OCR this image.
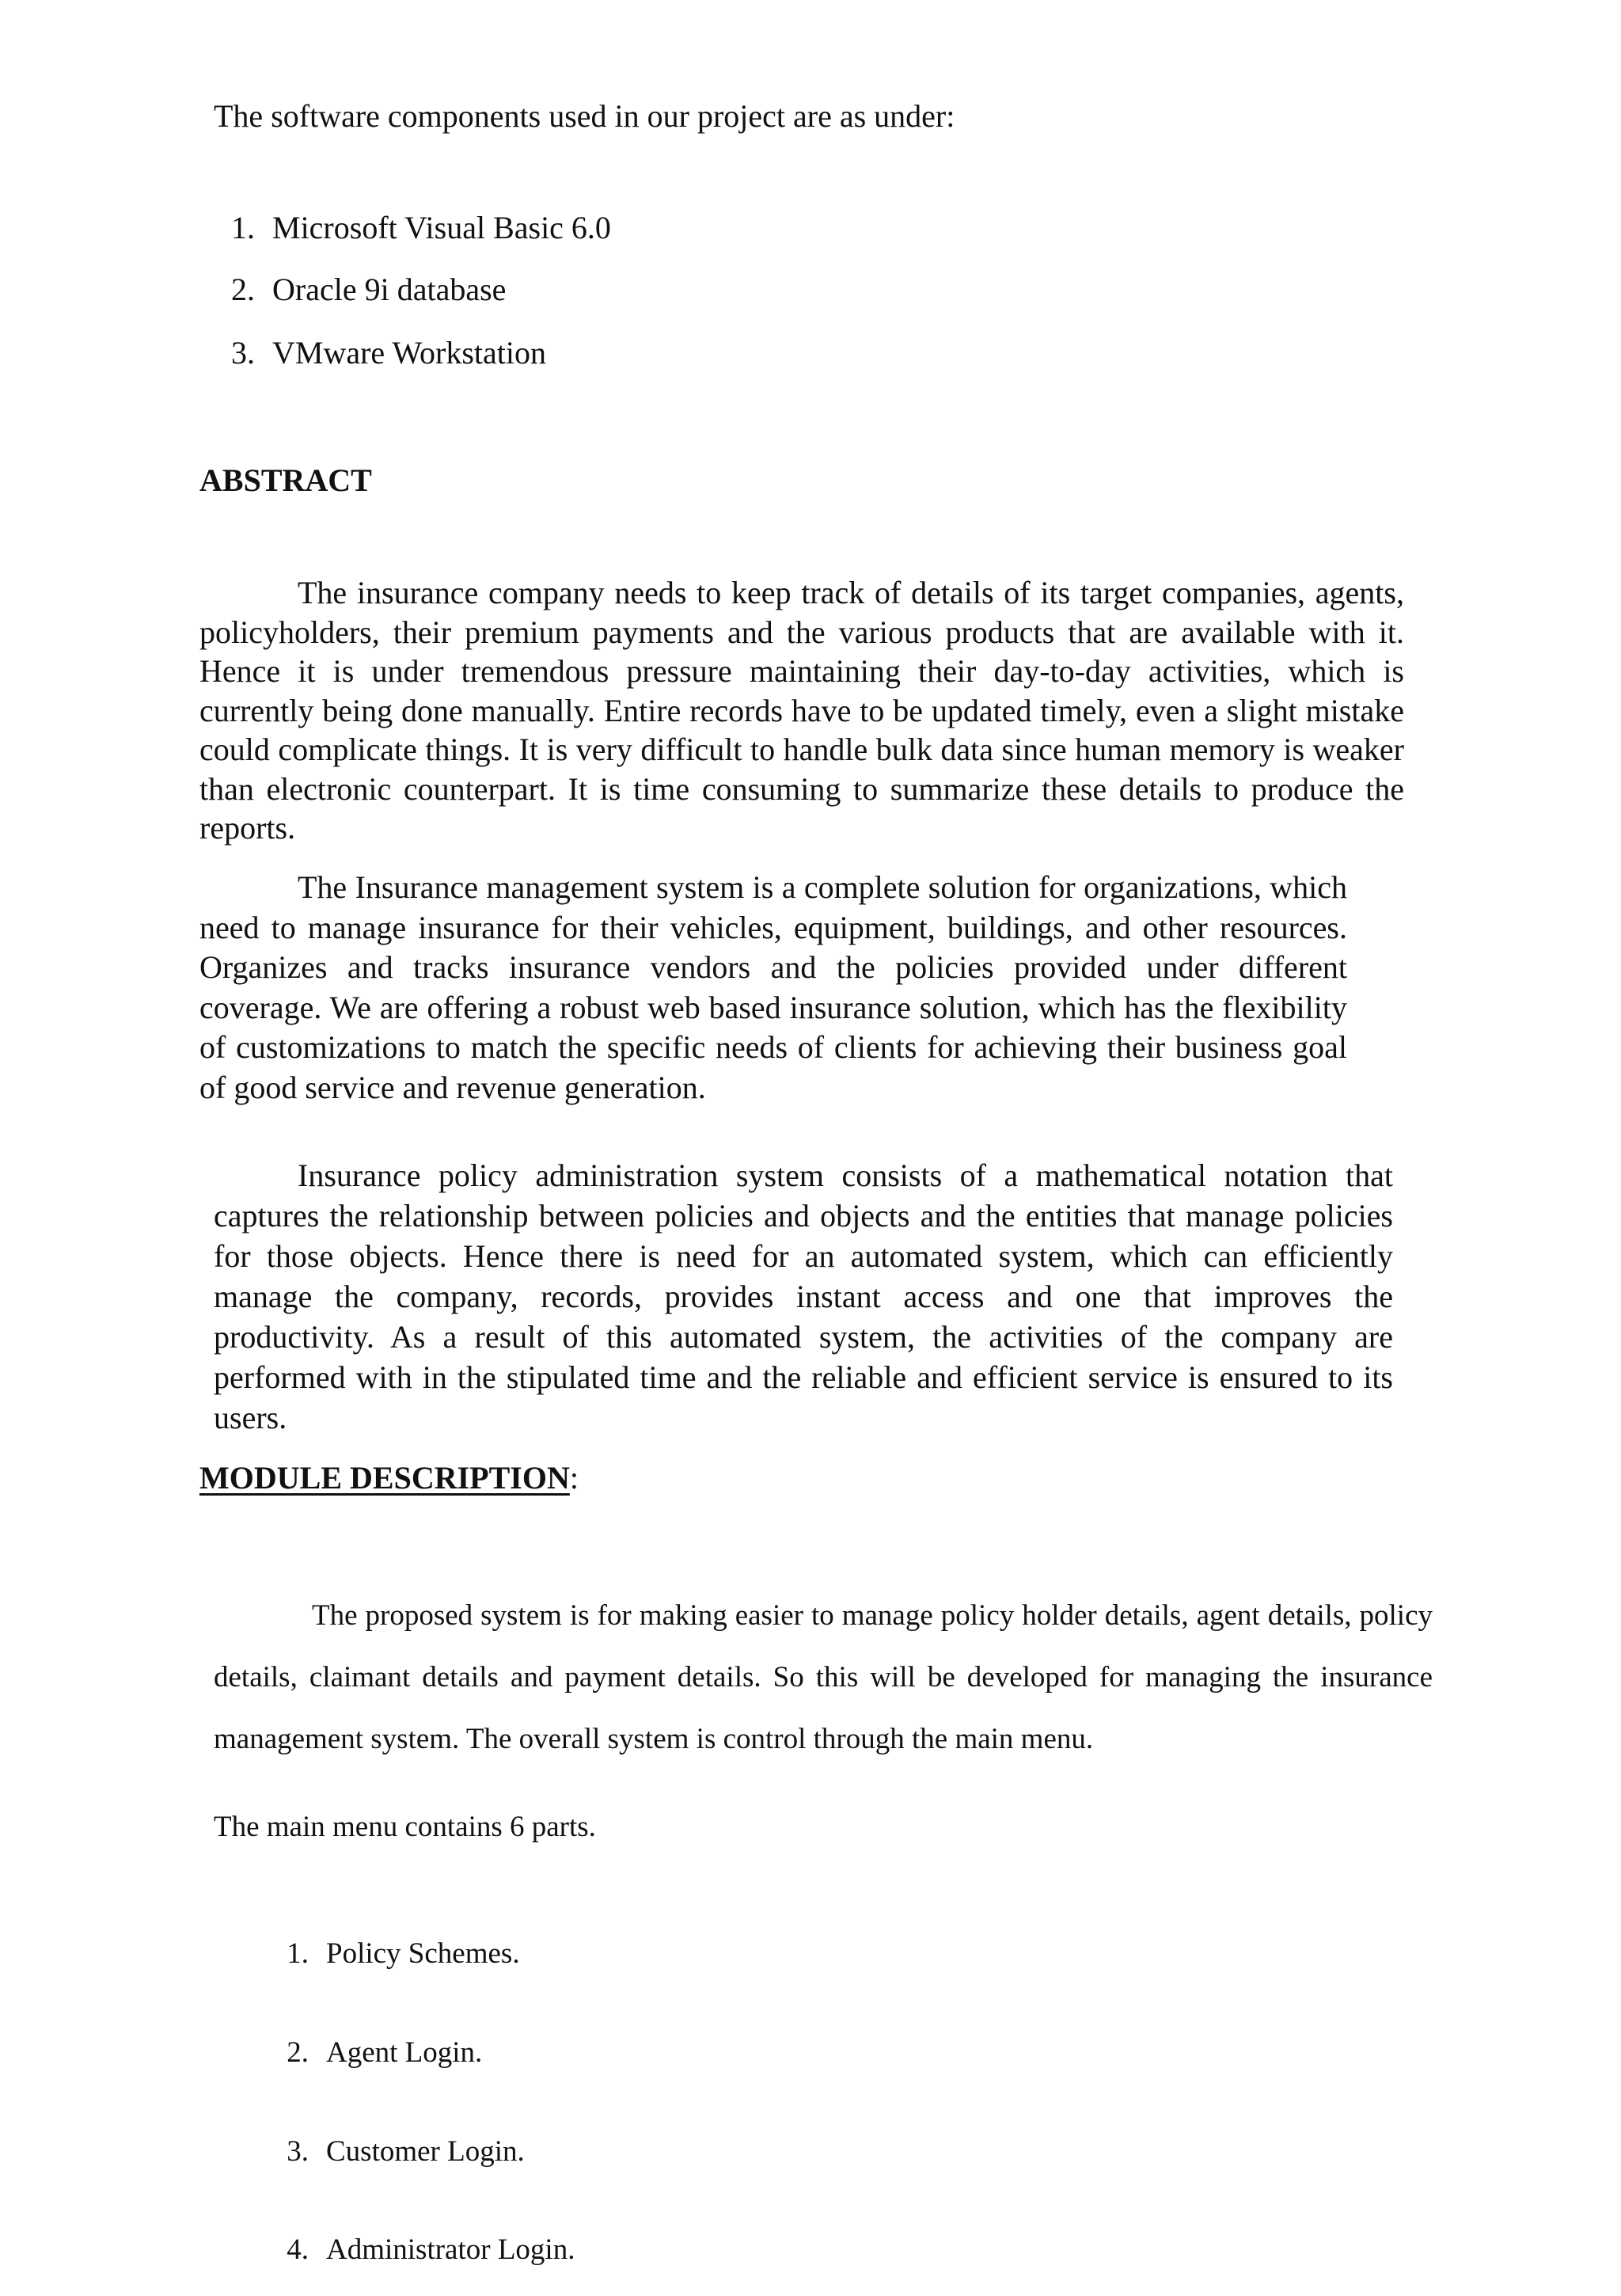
The software components used in our project are as under:

1. Microsoft Visual Basic 6.0
2. Oracle 9i database
3. VMware Workstation
ABSTRACT

The insurance company needs to keep track of details of its target companies, agents, policyholders, their premium payments and the various products that are available with it. Hence it is under tremendous pressure maintaining their day-to-day activities, which is currently being done manually. Entire records have to be updated timely, even a slight mistake could complicate things. It is very difficult to handle bulk data since human memory is weaker than electronic counterpart. It is time consuming to summarize these details to produce the reports.

The Insurance management system is a complete solution for organizations, which need to manage insurance for their vehicles, equipment, buildings, and other resources. Organizes and tracks insurance vendors and the policies provided under different coverage. We are offering a robust web based insurance solution, which has the flexibility of customizations to match the specific needs of clients for achieving their business goal of good service and revenue generation.

Insurance policy administration system consists of a mathematical notation that captures the relationship between policies and objects and the entities that manage policies for those objects. Hence there is need for an automated system, which can efficiently manage the company, records, provides instant access and one that improves the productivity. As a result of this automated system, the activities of the company are performed with in the stipulated time and the reliable and efficient service is ensured to its users.

MODULE DESCRIPTION:

The proposed system is for making easier to manage policy holder details, agent details, policy details, claimant details and payment details. So this will be developed for managing the insurance management system. The overall system is control through the main menu.

The main menu contains 6 parts.

1. Policy Schemes.
2. Agent Login.
3. Customer Login.
4. Administrator Login.
